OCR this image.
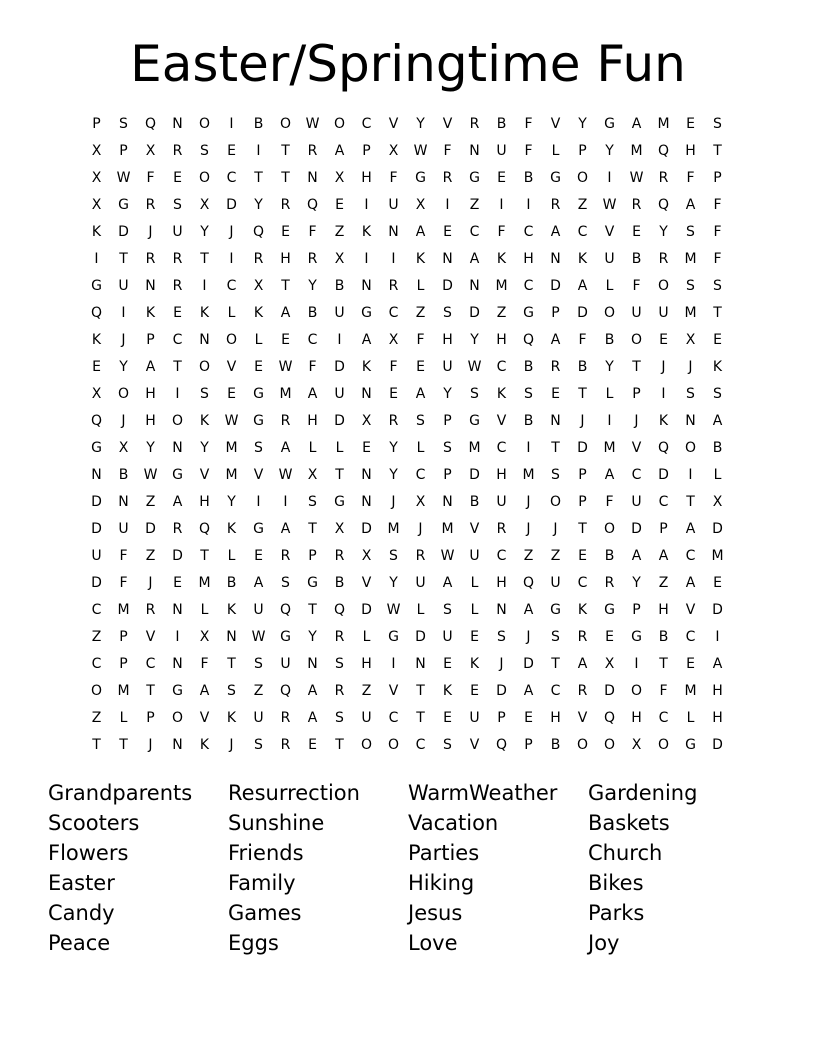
Easter/Springtime Fun
P	S	Q	N	O	I	B	O	W	O	C	V	Y	V	R	B	F	V	Y	G	A	M	E	S
X	P	X	R	S	E	I	T	R	A	P	X	W	F	N	U	F	L	P	Y	M	Q	H	T
X	W	F	E	O	C	T	T	N	X	H	F	G	R	G	E	B	G	O	I	W	R	F	P
X	G	R	S	X	D	Y	R	Q	E	I	U	X	I	Z	I	I	R	Z	W	R	Q	A	F
K	D	J	U	Y	J	Q	E	F	Z	K	N	A	E	C	F	C	A	C	V	E	Y	S	F
I	T	R	R	T	I	R	H	R	X	I	I	K	N	A	K	H	N	K	U	B	R	M	F
G	U	N	R	I	C	X	T	Y	B	N	R	L	D	N	M	C	D	A	L	F	O	S	S
Q	I	K	E	K	L	K	A	B	U	G	C	Z	S	D	Z	G	P	D	O	U	U	M	T
K	J	P	C	N	O	L	E	C	I	A	X	F	H	Y	H	Q	A	F	B	O	E	X	E
E	Y	A	T	O	V	E	W	F	D	K	F	E	U	W	C	B	R	B	Y	T	J	J	K
X	O	H	I	S	E	G	M	A	U	N	E	A	Y	S	K	S	E	T	L	P	I	S	S
Q	J	H	O	K	W	G	R	H	D	X	R	S	P	G	V	B	N	J	I	J	K	N	A
G	X	Y	N	Y	M	S	A	L	L	E	Y	L	S	M	C	I	T	D	M	V	Q	O	B
N	B	W	G	V	M	V	W	X	T	N	Y	C	P	D	H	M	S	P	A	C	D	I	L
D	N	Z	A	H	Y	I	I	S	G	N	J	X	N	B	U	J	O	P	F	U	C	T	X
D	U	D	R	Q	K	G	A	T	X	D	M	J	M	V	R	J	J	T	O	D	P	A	D
U	F	Z	D	T	L	E	R	P	R	X	S	R	W	U	C	Z	Z	E	B	A	A	C	M
D	F	J	E	M	B	A	S	G	B	V	Y	U	A	L	H	Q	U	C	R	Y	Z	A	E
C	M	R	N	L	K	U	Q	T	Q	D	W	L	S	L	N	A	G	K	G	P	H	V	D
Z	P	V	I	X	N	W	G	Y	R	L	G	D	U	E	S	J	S	R	E	G	B	C	I
C	P	C	N	F	T	S	U	N	S	H	I	N	E	K	J	D	T	A	X	I	T	E	A
O	M	T	G	A	S	Z	Q	A	R	Z	V	T	K	E	D	A	C	R	D	O	F	M	H
Z	L	P	O	V	K	U	R	A	S	U	C	T	E	U	P	E	H	V	Q	H	C	L	H
T	T	J	N	K	J	S	R	E	T	O	O	C	S	V	Q	P	B	O	O	X	O	G	D
Grandparents	Resurrection	WarmWeather	Gardening
Scooters	Sunshine	Vacation	Baskets
Flowers	Friends	Parties	Church
Easter	Family	Hiking	Bikes
Candy	Games	Jesus	Parks
Peace	Eggs	Love	Joy
